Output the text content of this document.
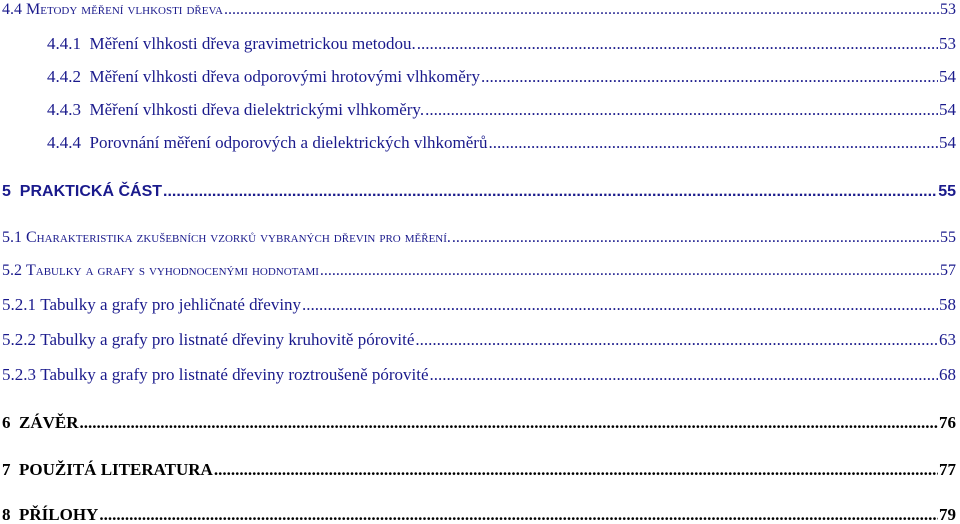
4.4 Metody měření vlhkosti dřeva .....	53
4.4.1 Měření vlhkosti dřeva gravimetrickou metodou. .....	53
4.4.2 Měření vlhkosti dřeva odporovými hrotovými vlhkoměry .....	54
4.4.3 Měření vlhkosti dřeva dielektrickými vlhkoměry. .....	54
4.4.4 Porovnání měření odporových a dielektrických vlhkoměrů .....	54
5 PRAKTICKÁ ČÁST .....	55
5.1 Charakteristika zkušebních vzorků vybraných dřevin pro měření. .....	55
5.2 Tabulky a grafy s vyhodnocenými hodnotami .....	57
5.2.1 Tabulky a grafy pro jehličnaté dřeviny .....	58
5.2.2 Tabulky a grafy pro listnaté dřeviny kruhovitě pórovité .....	63
5.2.3 Tabulky a grafy pro listnaté dřeviny roztroušeně pórovité .....	68
6 ZÁVĚR .....	76
7 POUŽITÁ LITERATURA .....	77
8 PŘÍLOHY .....	79
